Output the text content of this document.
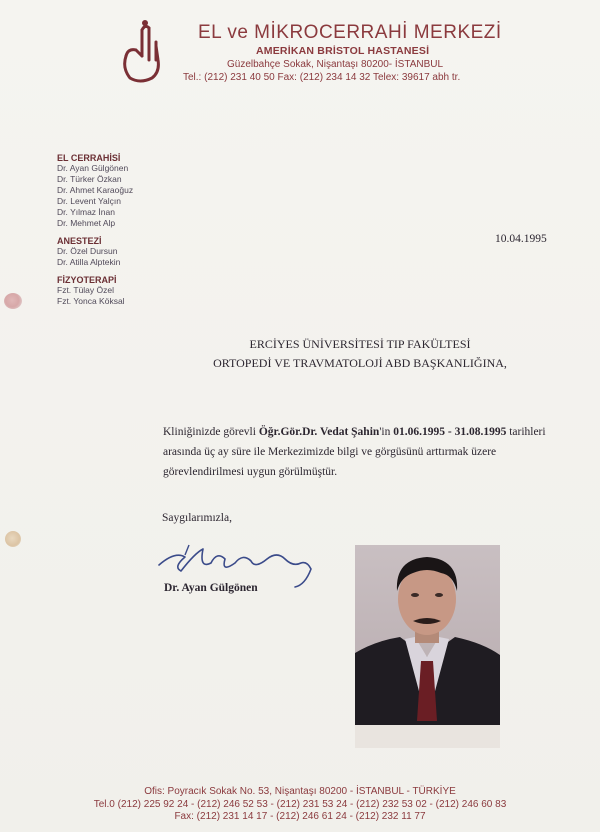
EL ve MİKROCERRAHİ MERKEZİ
AMERİKAN BRİSTOL HASTANESİ
Güzelbahçe Sokak, Nişantaşı 80200- İSTANBUL
Tel.: (212) 231 40 50 Fax: (212) 234 14 32 Telex: 39617 abh tr.
EL CERRAHİSİ
Dr. Ayan Gülgönen
Dr. Türker Özkan
Dr. Ahmet Karaoğuz
Dr. Levent Yalçın
Dr. Yılmaz İnan
Dr. Mehmet Alp
ANESTEZİ
Dr. Özel Dursun
Dr. Atilla Alptekin
FİZYOTERAPİ
Fzt. Tülay Özel
Fzt. Yonca Köksal
10.04.1995
ERCİYES ÜNİVERSİTESİ TIP FAKÜLTESİ
ORTOPEDİ VE TRAVMATOLOJİ ABD BAŞKANLIĞINA,
Kliniğinizde görevli Öğr.Gör.Dr. Vedat Şahin'in 01.06.1995 - 31.08.1995 tarihleri arasında üç ay süre ile Merkezimizde bilgi ve görgüsünü arttırmak üzere görevlendirilmesi uygun görülmüştür.
Saygılarımızla,
Dr. Ayan Gülgönen
Ofis: Poyracık Sokak No. 53, Nişantaşı 80200 - İSTANBUL - TÜRKİYE
Tel.0 (212) 225 92 24 - (212) 246 52 53 - (212) 231 53 24 - (212) 232 53 02 - (212) 246 60 83
Fax: (212) 231 14 17 - (212) 246 61 24 - (212) 232 11 77
